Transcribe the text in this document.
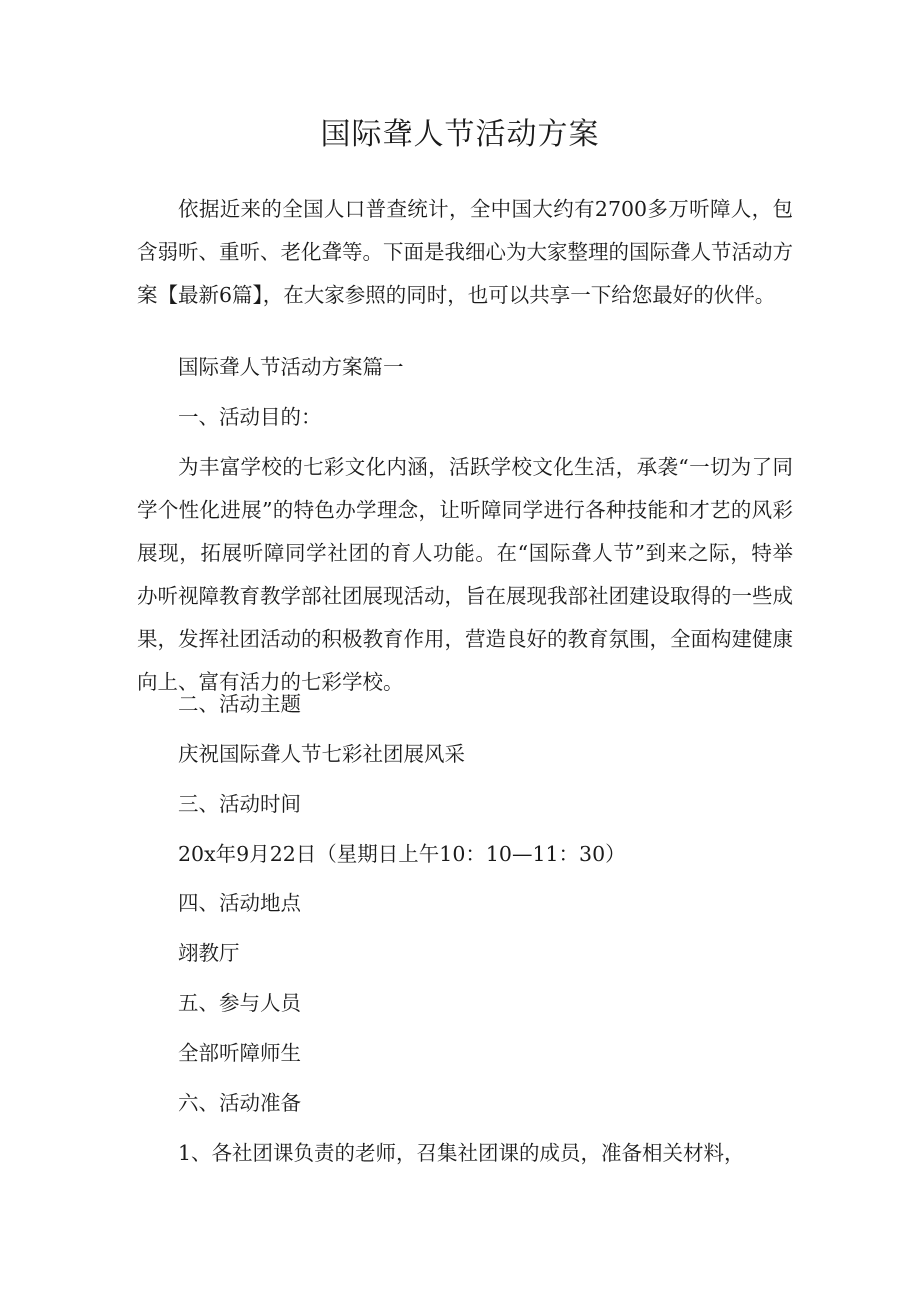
国际聋人节活动方案

依据近来的全国人口普查统计，全中国大约有2700多万听障人，包含弱听、重听、老化聋等。下面是我细心为大家整理的国际聋人节活动方案【最新6篇】，在大家参照的同时，也可以共享一下给您最好的伙伴。

国际聋人节活动方案篇一

一、活动目的：

为丰富学校的七彩文化内涵，活跃学校文化生活，承袭“一切为了同学个性化进展”的特色办学理念，让听障同学进行各种技能和才艺的风彩展现，拓展听障同学社团的育人功能。在“国际聋人节”到来之际，特举办听视障教育教学部社团展现活动，旨在展现我部社团建设取得的一些成果，发挥社团活动的积极教育作用，营造良好的教育氛围，全面构建健康向上、富有活力的七彩学校。

二、活动主题

庆祝国际聋人节七彩社团展风采

三、活动时间

20x年9月22日（星期日上午10：10—11：30）

四、活动地点

翊教厅

五、参与人员

全部听障师生

六、活动准备

1、各社团课负责的老师，召集社团课的成员，准备相关材料，
